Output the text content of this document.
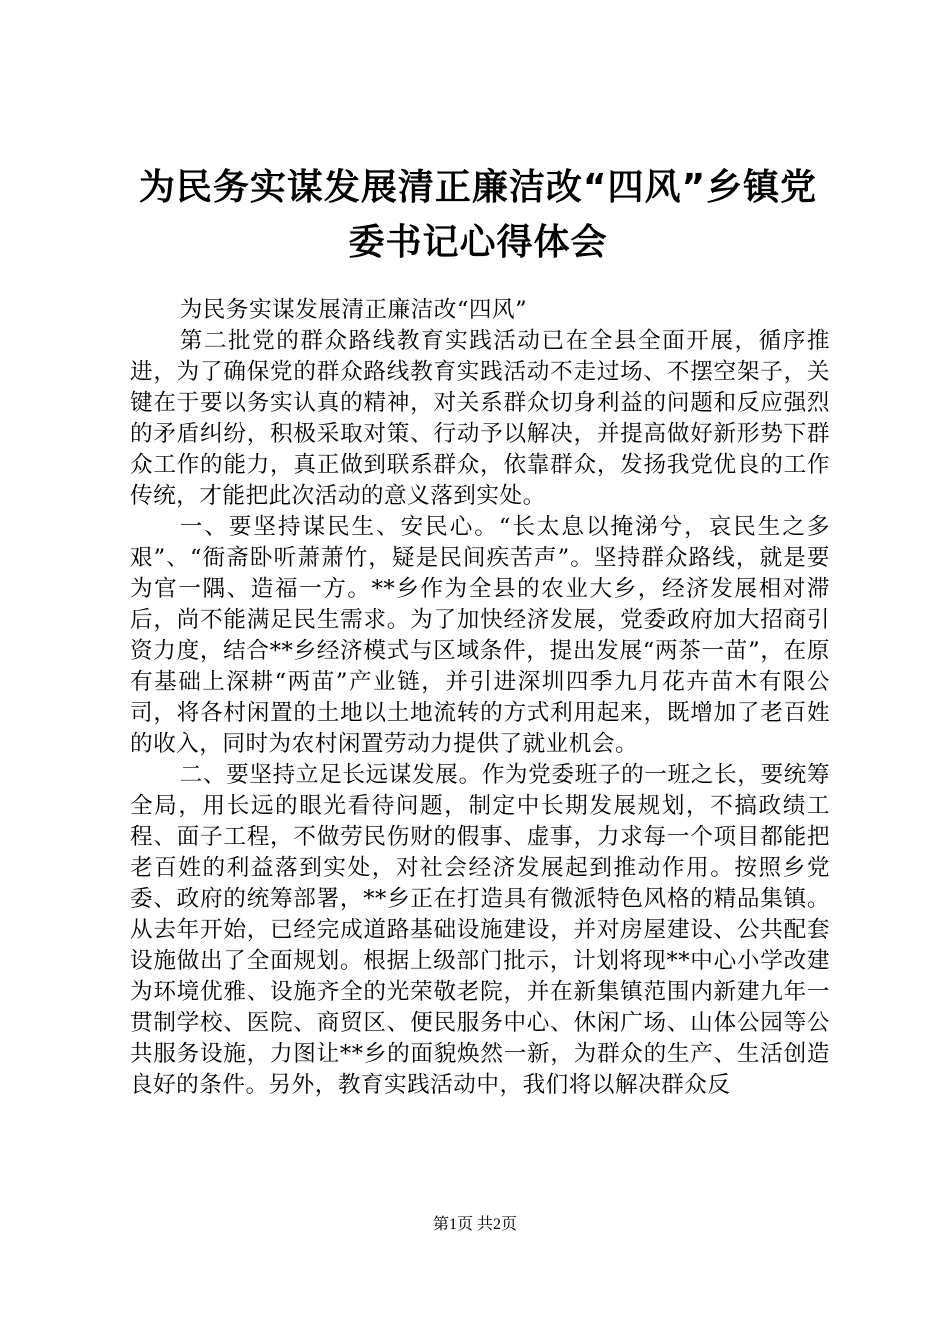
为民务实谋发展清正廉洁改“四风”乡镇党委书记心得体会

为民务实谋发展清正廉洁改“四风”

第二批党的群众路线教育实践活动已在全县全面开展，循序推进，为了确保党的群众路线教育实践活动不走过场、不摆空架子，关键在于要以务实认真的精神，对关系群众切身利益的问题和反应强烈的矛盾纠纷，积极采取对策、行动予以解决，并提高做好新形势下群众工作的能力，真正做到联系群众，依靠群众，发扬我党优良的工作传统，才能把此次活动的意义落到实处。

一、要坚持谋民生、安民心。“长太息以掩涕兮，哀民生之多艰”、“衙斋卧听萧萧竹，疑是民间疾苦声”。坚持群众路线，就是要为官一隅、造福一方。**乡作为全县的农业大乡，经济发展相对滞后，尚不能满足民生需求。为了加快经济发展，党委政府加大招商引资力度，结合**乡经济模式与区域条件，提出发展“两茶一苗”，在原有基础上深耕“两苗”产业链，并引进深圳四季九月花卉苗木有限公司，将各村闲置的土地以土地流转的方式利用起来，既增加了老百姓的收入，同时为农村闲置劳动力提供了就业机会。

二、要坚持立足长远谋发展。作为党委班子的一班之长，要统筹全局，用长远的眼光看待问题，制定中长期发展规划，不搞政绩工程、面子工程，不做劳民伤财的假事、虚事，力求每一个项目都能把老百姓的利益落到实处，对社会经济发展起到推动作用。按照乡党委、政府的统筹部署，**乡正在打造具有微派特色风格的精品集镇。从去年开始，已经完成道路基础设施建设，并对房屋建设、公共配套设施做出了全面规划。根据上级部门批示，计划将现**中心小学改建为环境优雅、设施齐全的光荣敬老院，并在新集镇范围内新建九年一贯制学校、医院、商贸区、便民服务中心、休闲广场、山体公园等公共服务设施，力图让**乡的面貌焕然一新，为群众的生产、生活创造良好的条件。另外，教育实践活动中，我们将以解决群众反

第1页 共2页
